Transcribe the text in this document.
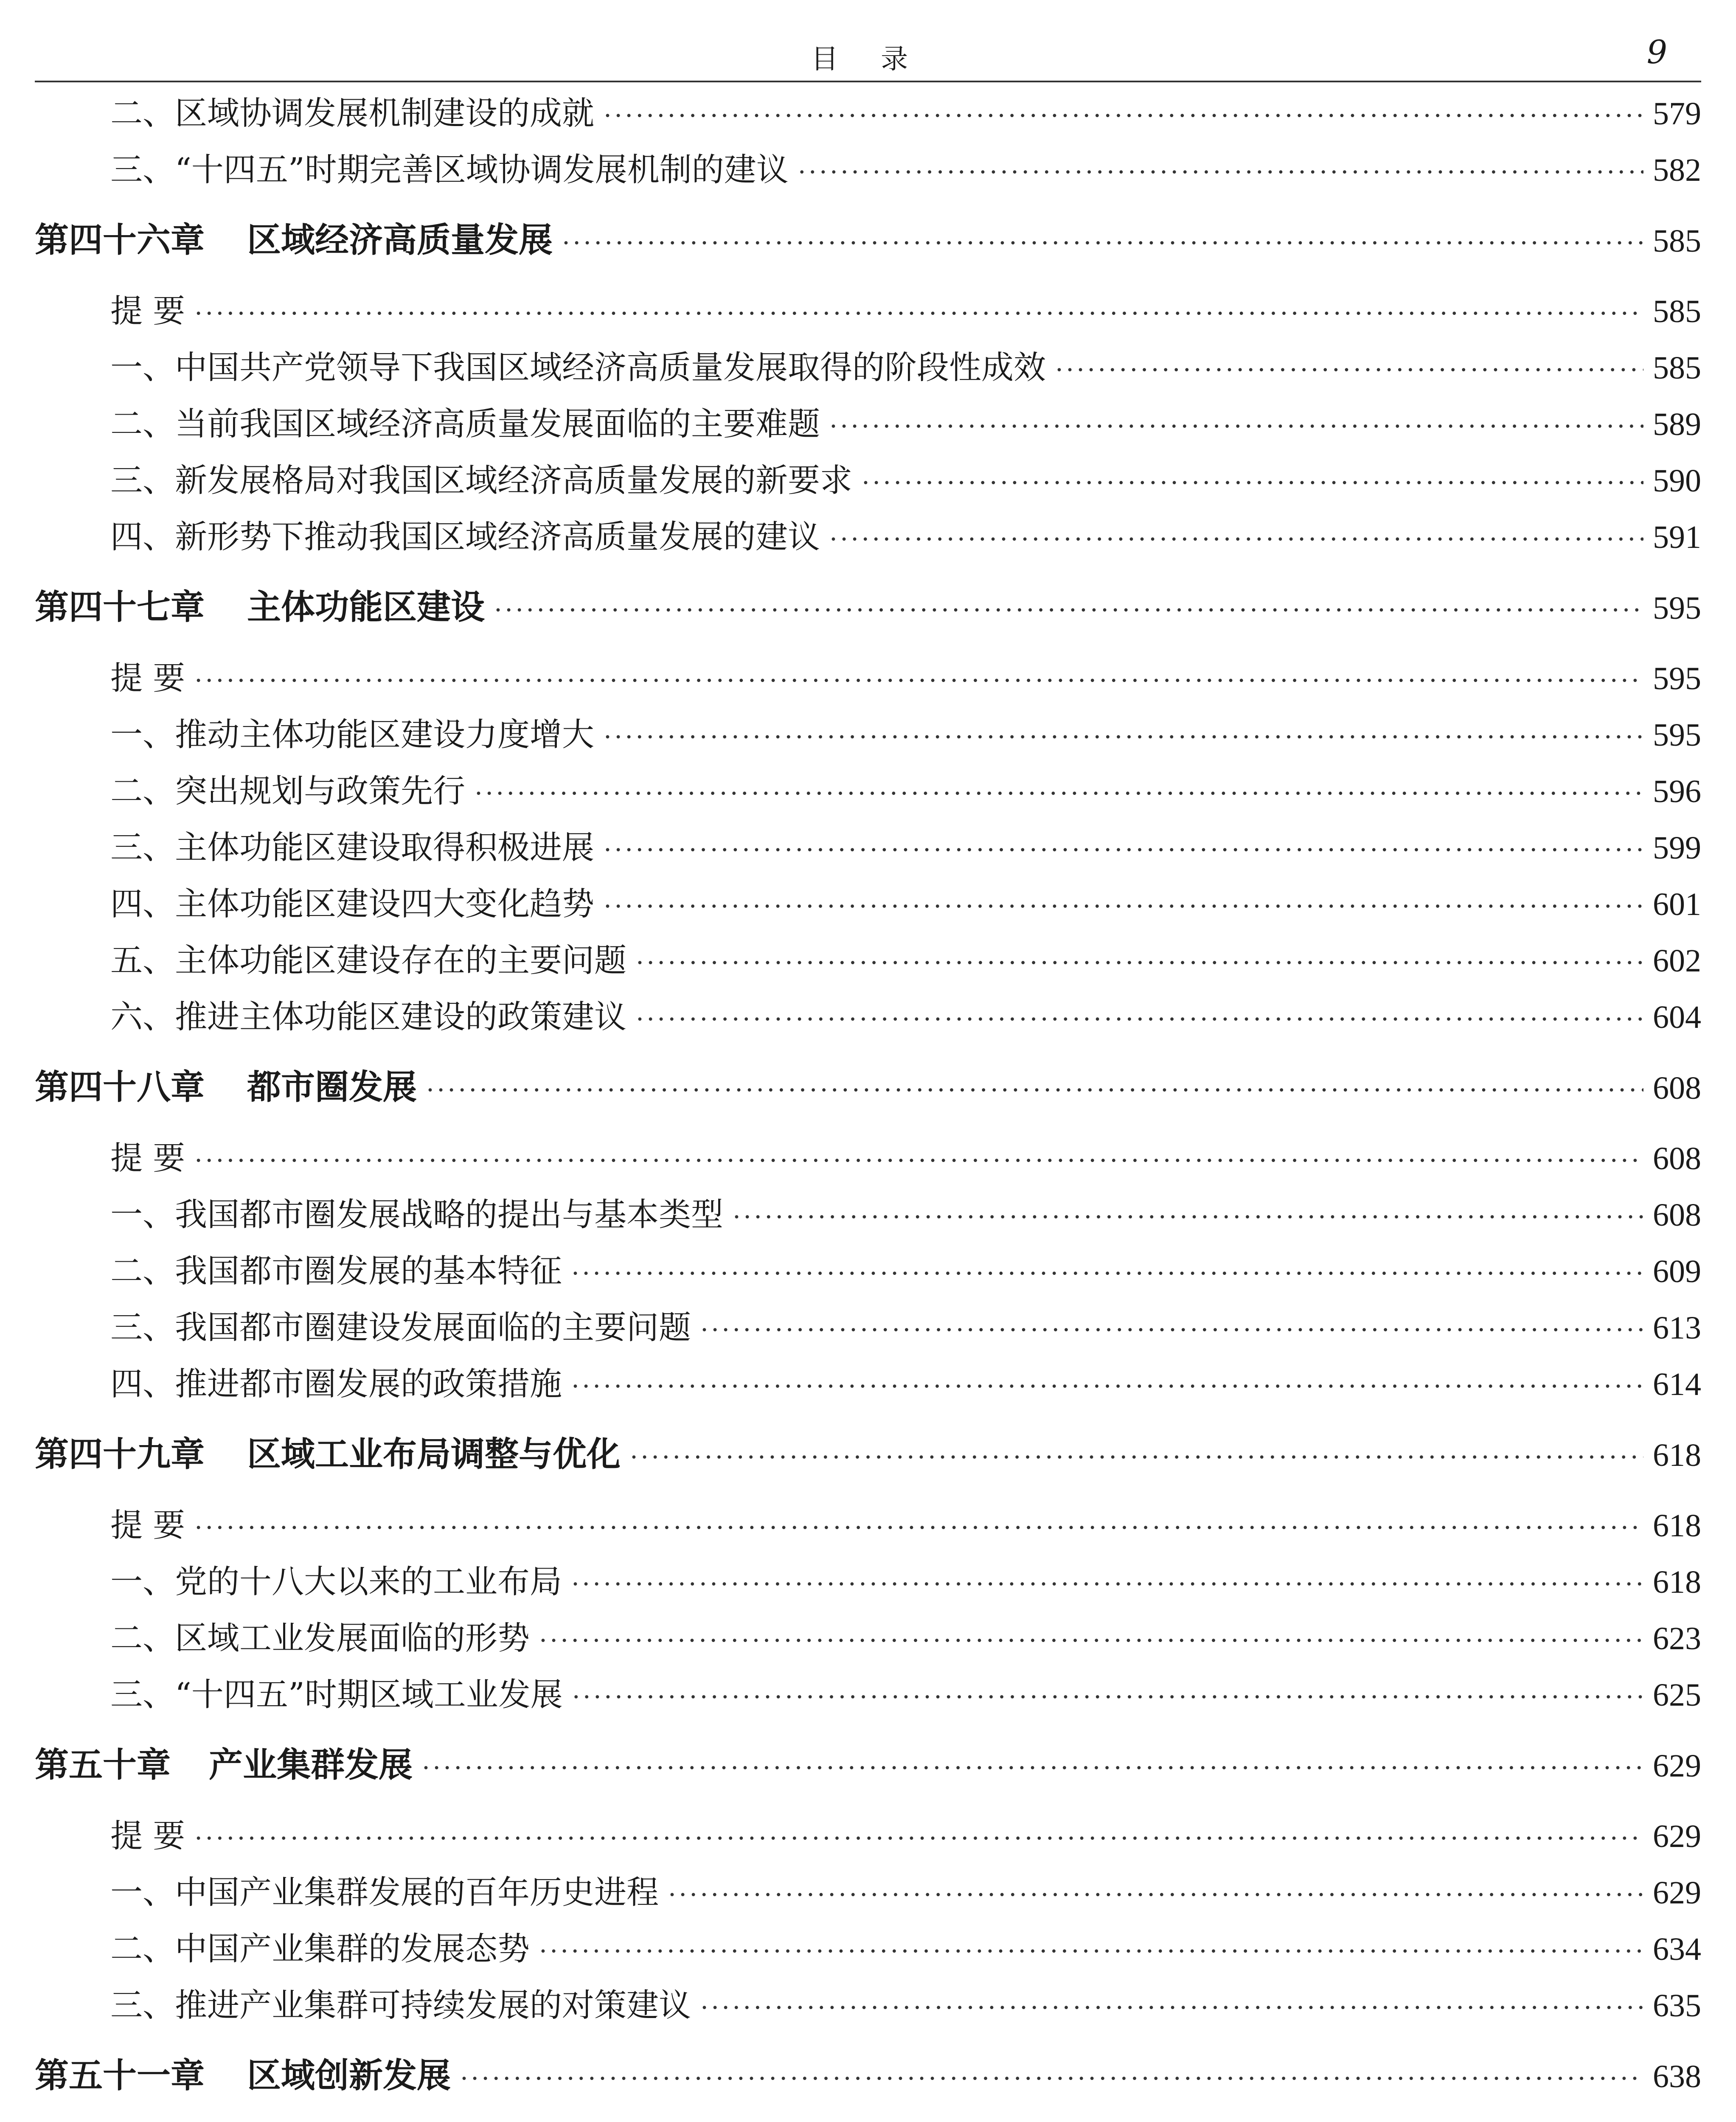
目 录	9
二、区域协调发展机制建设的成就 ·····	579
三、“十四五”时期完善区域协调发展机制的建议 ·····	582
第四十六章 区域经济高质量发展 ·····	585
提 要 ·····	585
一、中国共产党领导下我国区域经济高质量发展取得的阶段性成效 ·····	585
二、当前我国区域经济高质量发展面临的主要难题 ·····	589
三、新发展格局对我国区域经济高质量发展的新要求 ·····	590
四、新形势下推动我国区域经济高质量发展的建议 ·····	591
第四十七章 主体功能区建设 ·····	595
提 要 ·····	595
一、推动主体功能区建设力度增大 ·····	595
二、突出规划与政策先行 ·····	596
三、主体功能区建设取得积极进展 ·····	599
四、主体功能区建设四大变化趋势 ·····	601
五、主体功能区建设存在的主要问题 ·····	602
六、推进主体功能区建设的政策建议 ·····	604
第四十八章 都市圈发展 ·····	608
提 要 ·····	608
一、我国都市圈发展战略的提出与基本类型 ·····	608
二、我国都市圈发展的基本特征 ·····	609
三、我国都市圈建设发展面临的主要问题 ·····	613
四、推进都市圈发展的政策措施 ·····	614
第四十九章 区域工业布局调整与优化 ·····	618
提 要 ·····	618
一、党的十八大以来的工业布局 ·····	618
二、区域工业发展面临的形势 ·····	623
三、“十四五”时期区域工业发展 ·····	625
第五十章 产业集群发展 ·····	629
提 要 ·····	629
一、中国产业集群发展的百年历史进程 ·····	629
二、中国产业集群的发展态势 ·····	634
三、推进产业集群可持续发展的对策建议 ·····	635
第五十一章 区域创新发展 ·····	638
·····
